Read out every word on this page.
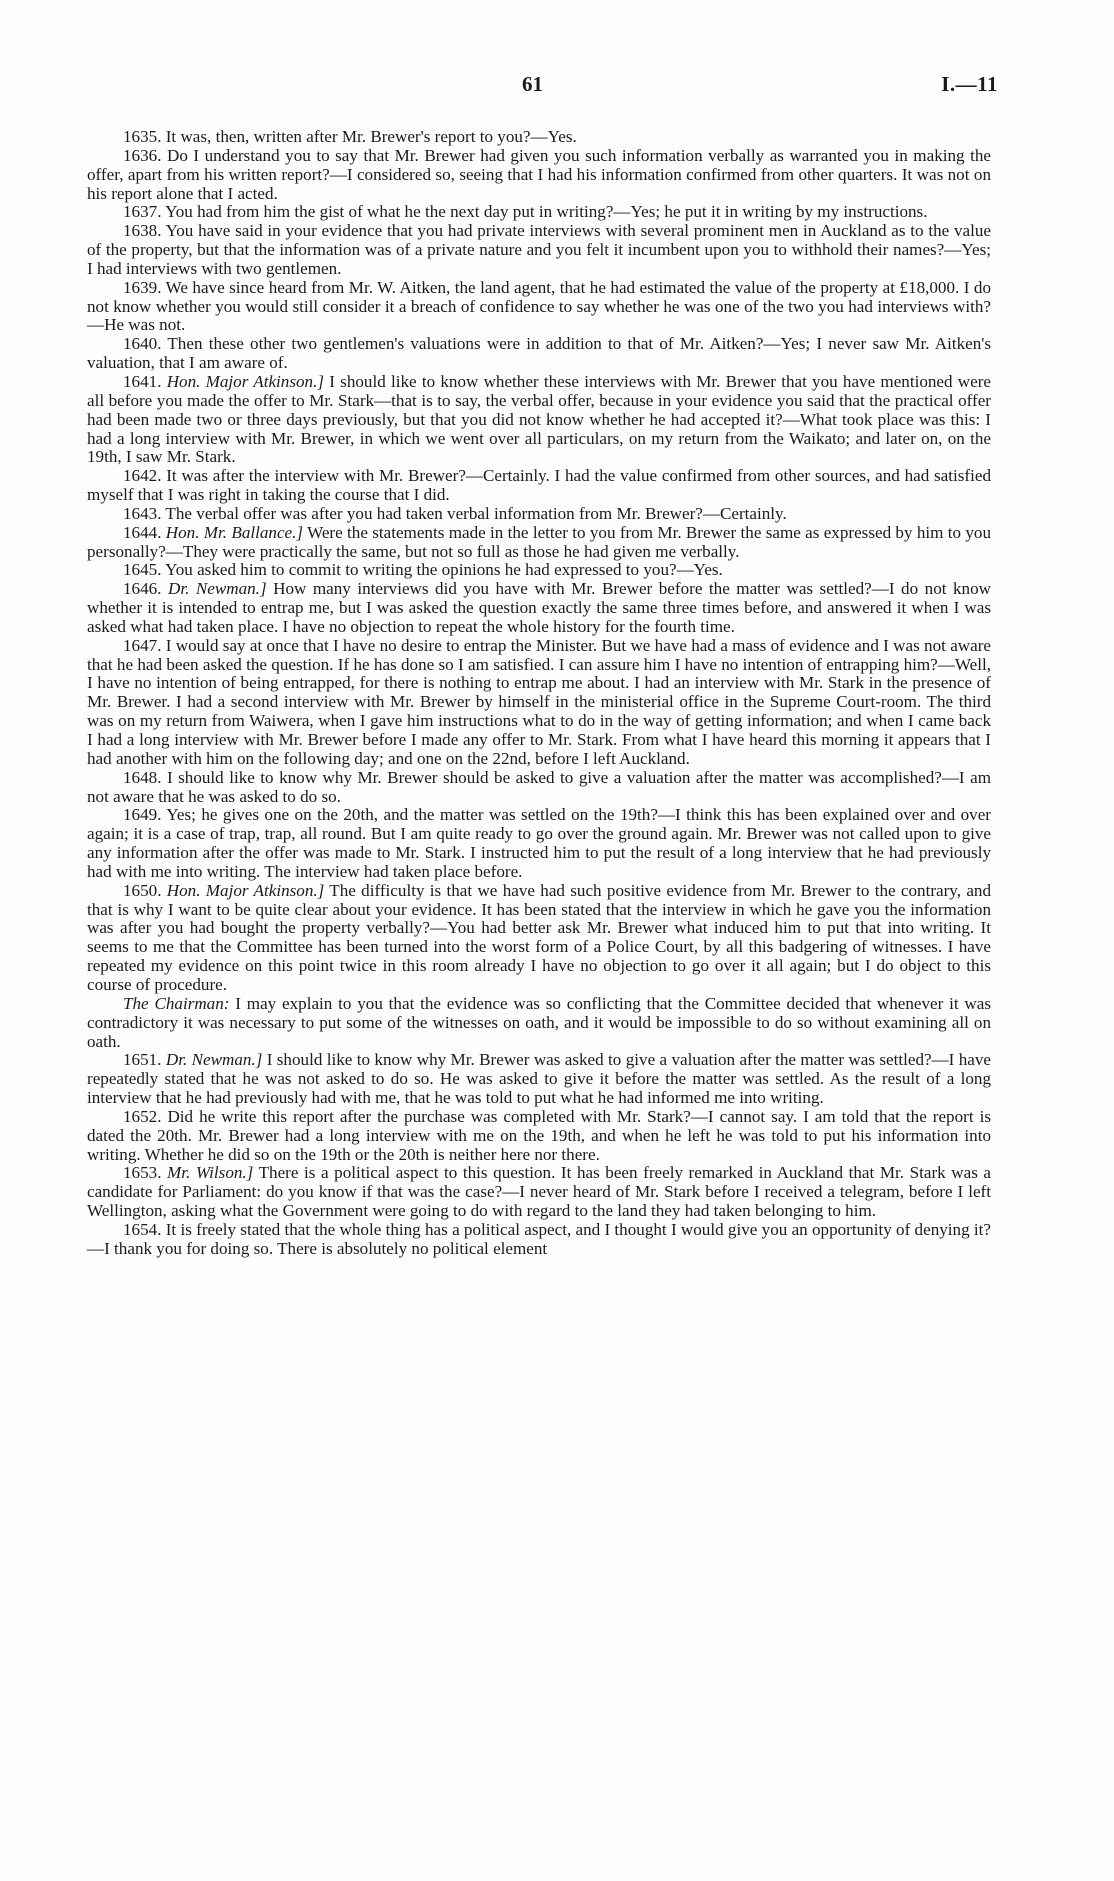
61	I.—11

1635. It was, then, written after Mr. Brewer's report to you?—Yes.

1636. Do I understand you to say that Mr. Brewer had given you such information verbally as warranted you in making the offer, apart from his written report?—I considered so, seeing that I had his information confirmed from other quarters. It was not on his report alone that I acted.

1637. You had from him the gist of what he the next day put in writing?—Yes; he put it in writing by my instructions.

1638. You have said in your evidence that you had private interviews with several prominent men in Auckland as to the value of the property, but that the information was of a private nature and you felt it incumbent upon you to withhold their names?—Yes; I had interviews with two gentlemen.

1639. We have since heard from Mr. W. Aitken, the land agent, that he had estimated the value of the property at £18,000. I do not know whether you would still consider it a breach of confidence to say whether he was one of the two you had interviews with?—He was not.

1640. Then these other two gentlemen's valuations were in addition to that of Mr. Aitken?—Yes; I never saw Mr. Aitken's valuation, that I am aware of.

1641. Hon. Major Atkinson.] I should like to know whether these interviews with Mr. Brewer that you have mentioned were all before you made the offer to Mr. Stark—that is to say, the verbal offer, because in your evidence you said that the practical offer had been made two or three days previously, but that you did not know whether he had accepted it?—What took place was this: I had a long interview with Mr. Brewer, in which we went over all particulars, on my return from the Waikato; and later on, on the 19th, I saw Mr. Stark.

1642. It was after the interview with Mr. Brewer?—Certainly. I had the value confirmed from other sources, and had satisfied myself that I was right in taking the course that I did.

1643. The verbal offer was after you had taken verbal information from Mr. Brewer?—Certainly.

1644. Hon. Mr. Ballance.] Were the statements made in the letter to you from Mr. Brewer the same as expressed by him to you personally?—They were practically the same, but not so full as those he had given me verbally.

1645. You asked him to commit to writing the opinions he had expressed to you?—Yes.

1646. Dr. Newman.] How many interviews did you have with Mr. Brewer before the matter was settled?—I do not know whether it is intended to entrap me, but I was asked the question exactly the same three times before, and answered it when I was asked what had taken place. I have no objection to repeat the whole history for the fourth time.

1647. I would say at once that I have no desire to entrap the Minister. But we have had a mass of evidence and I was not aware that he had been asked the question. If he has done so I am satisfied. I can assure him I have no intention of entrapping him?—Well, I have no intention of being entrapped, for there is nothing to entrap me about. I had an interview with Mr. Stark in the presence of Mr. Brewer. I had a second interview with Mr. Brewer by himself in the ministerial office in the Supreme Court-room. The third was on my return from Waiwera, when I gave him instructions what to do in the way of getting information; and when I came back I had a long interview with Mr. Brewer before I made any offer to Mr. Stark. From what I have heard this morning it appears that I had another with him on the following day; and one on the 22nd, before I left Auckland.

1648. I should like to know why Mr. Brewer should be asked to give a valuation after the matter was accomplished?—I am not aware that he was asked to do so.

1649. Yes; he gives one on the 20th, and the matter was settled on the 19th?—I think this has been explained over and over again; it is a case of trap, trap, all round. But I am quite ready to go over the ground again. Mr. Brewer was not called upon to give any information after the offer was made to Mr. Stark. I instructed him to put the result of a long interview that he had previously had with me into writing. The interview had taken place before.

1650. Hon. Major Atkinson.] The difficulty is that we have had such positive evidence from Mr. Brewer to the contrary, and that is why I want to be quite clear about your evidence. It has been stated that the interview in which he gave you the information was after you had bought the property verbally?—You had better ask Mr. Brewer what induced him to put that into writing. It seems to me that the Committee has been turned into the worst form of a Police Court, by all this badgering of witnesses. I have repeated my evidence on this point twice in this room already I have no objection to go over it all again; but I do object to this course of procedure.

The Chairman: I may explain to you that the evidence was so conflicting that the Committee decided that whenever it was contradictory it was necessary to put some of the witnesses on oath, and it would be impossible to do so without examining all on oath.

1651. Dr. Newman.] I should like to know why Mr. Brewer was asked to give a valuation after the matter was settled?—I have repeatedly stated that he was not asked to do so. He was asked to give it before the matter was settled. As the result of a long interview that he had previously had with me, that he was told to put what he had informed me into writing.

1652. Did he write this report after the purchase was completed with Mr. Stark?—I cannot say. I am told that the report is dated the 20th. Mr. Brewer had a long interview with me on the 19th, and when he left he was told to put his information into writing. Whether he did so on the 19th or the 20th is neither here nor there.

1653. Mr. Wilson.] There is a political aspect to this question. It has been freely remarked in Auckland that Mr. Stark was a candidate for Parliament: do you know if that was the case?—I never heard of Mr. Stark before I received a telegram, before I left Wellington, asking what the Government were going to do with regard to the land they had taken belonging to him.

1654. It is freely stated that the whole thing has a political aspect, and I thought I would give you an opportunity of denying it?—I thank you for doing so. There is absolutely no political element
